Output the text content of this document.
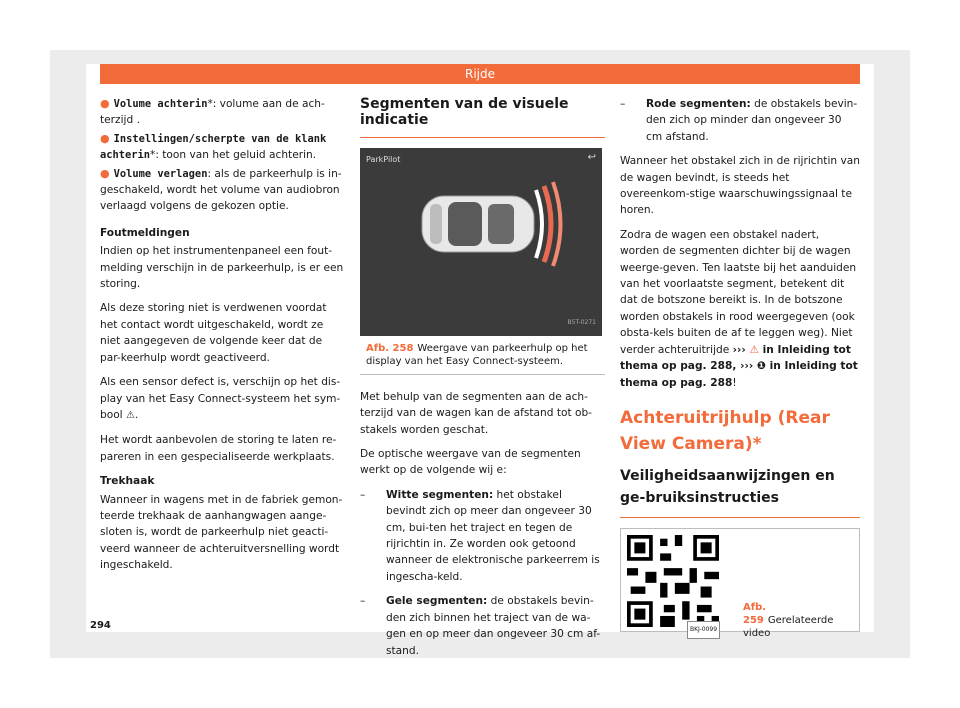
Rijde
● Volume achterin*: volume aan de ach-terzijd .
● Instellingen/scherpte van de klank achterin*: toon van het geluid achterin.
● Volume verlagen: als de parkeerhulp is in-geschakeld, wordt het volume van audiobron verlaagd volgens de gekozen optie.
Foutmeldingen

Indien op het instrumentenpaneel een fout-melding verschijn in de parkeerhulp, is er een storing.

Als deze storing niet is verdwenen voordat het contact wordt uitgeschakeld, wordt ze niet aangegeven de volgende keer dat de par-keerhulp wordt geactiveerd.

Als een sensor defect is, verschijn op het dis-play van het Easy Connect-systeem het sym-bool ⚠.

Het wordt aanbevolen de storing te laten re-pareren in een gespecialiseerde werkplaats.

Trekhaak

Wanneer in wagens met in de fabriek gemon-teerde trekhaak de aanhangwagen aange-sloten is, wordt de parkeerhulp niet geacti-veerd wanneer de achteruitversnelling wordt ingeschakeld.

Segmenten van de visuele indicatie
ParkPilot	↩
B5T-0271
Afb. 258 Weergave van parkeerhulp op het display van het Easy Connect-systeem.

Met behulp van de segmenten aan de ach-terzijd van de wagen kan de afstand tot ob-stakels worden geschat.

De optische weergave van de segmenten werkt op de volgende wij e:

– Witte segmenten: het obstakel bevindt zich op meer dan ongeveer 30 cm, bui-ten het traject en tegen de rijrichtin in. Ze worden ook getoond wanneer de elektronische parkeerrem is ingescha-keld.
– Gele segmenten: de obstakels bevin-den zich binnen het traject van de wa-gen en op meer dan ongeveer 30 cm af-stand.
– Rode segmenten: de obstakels bevin-den zich op minder dan ongeveer 30 cm afstand.

Wanneer het obstakel zich in de rijrichtin van de wagen bevindt, is steeds het overeenkom-stige waarschuwingssignaal te horen.

Zodra de wagen een obstakel nadert, worden de segmenten dichter bij de wagen weerge-geven. Ten laatste bij het aanduiden van het voorlaatste segment, betekent dit dat de botszone bereikt is. In de botszone worden obstakels in rood weergegeven (ook obsta-kels buiten de af te leggen weg). Niet verder achteruitrijde ››› ⚠ in Inleiding tot thema op pag. 288, ››› ❶ in Inleiding tot thema op pag. 288!

Achteruitrijhulp (Rear View Camera)*
Veiligheidsaanwijzingen en ge-bruiksinstructies
BKJ-0099
Afb. 259 Gerelateerde video
294
